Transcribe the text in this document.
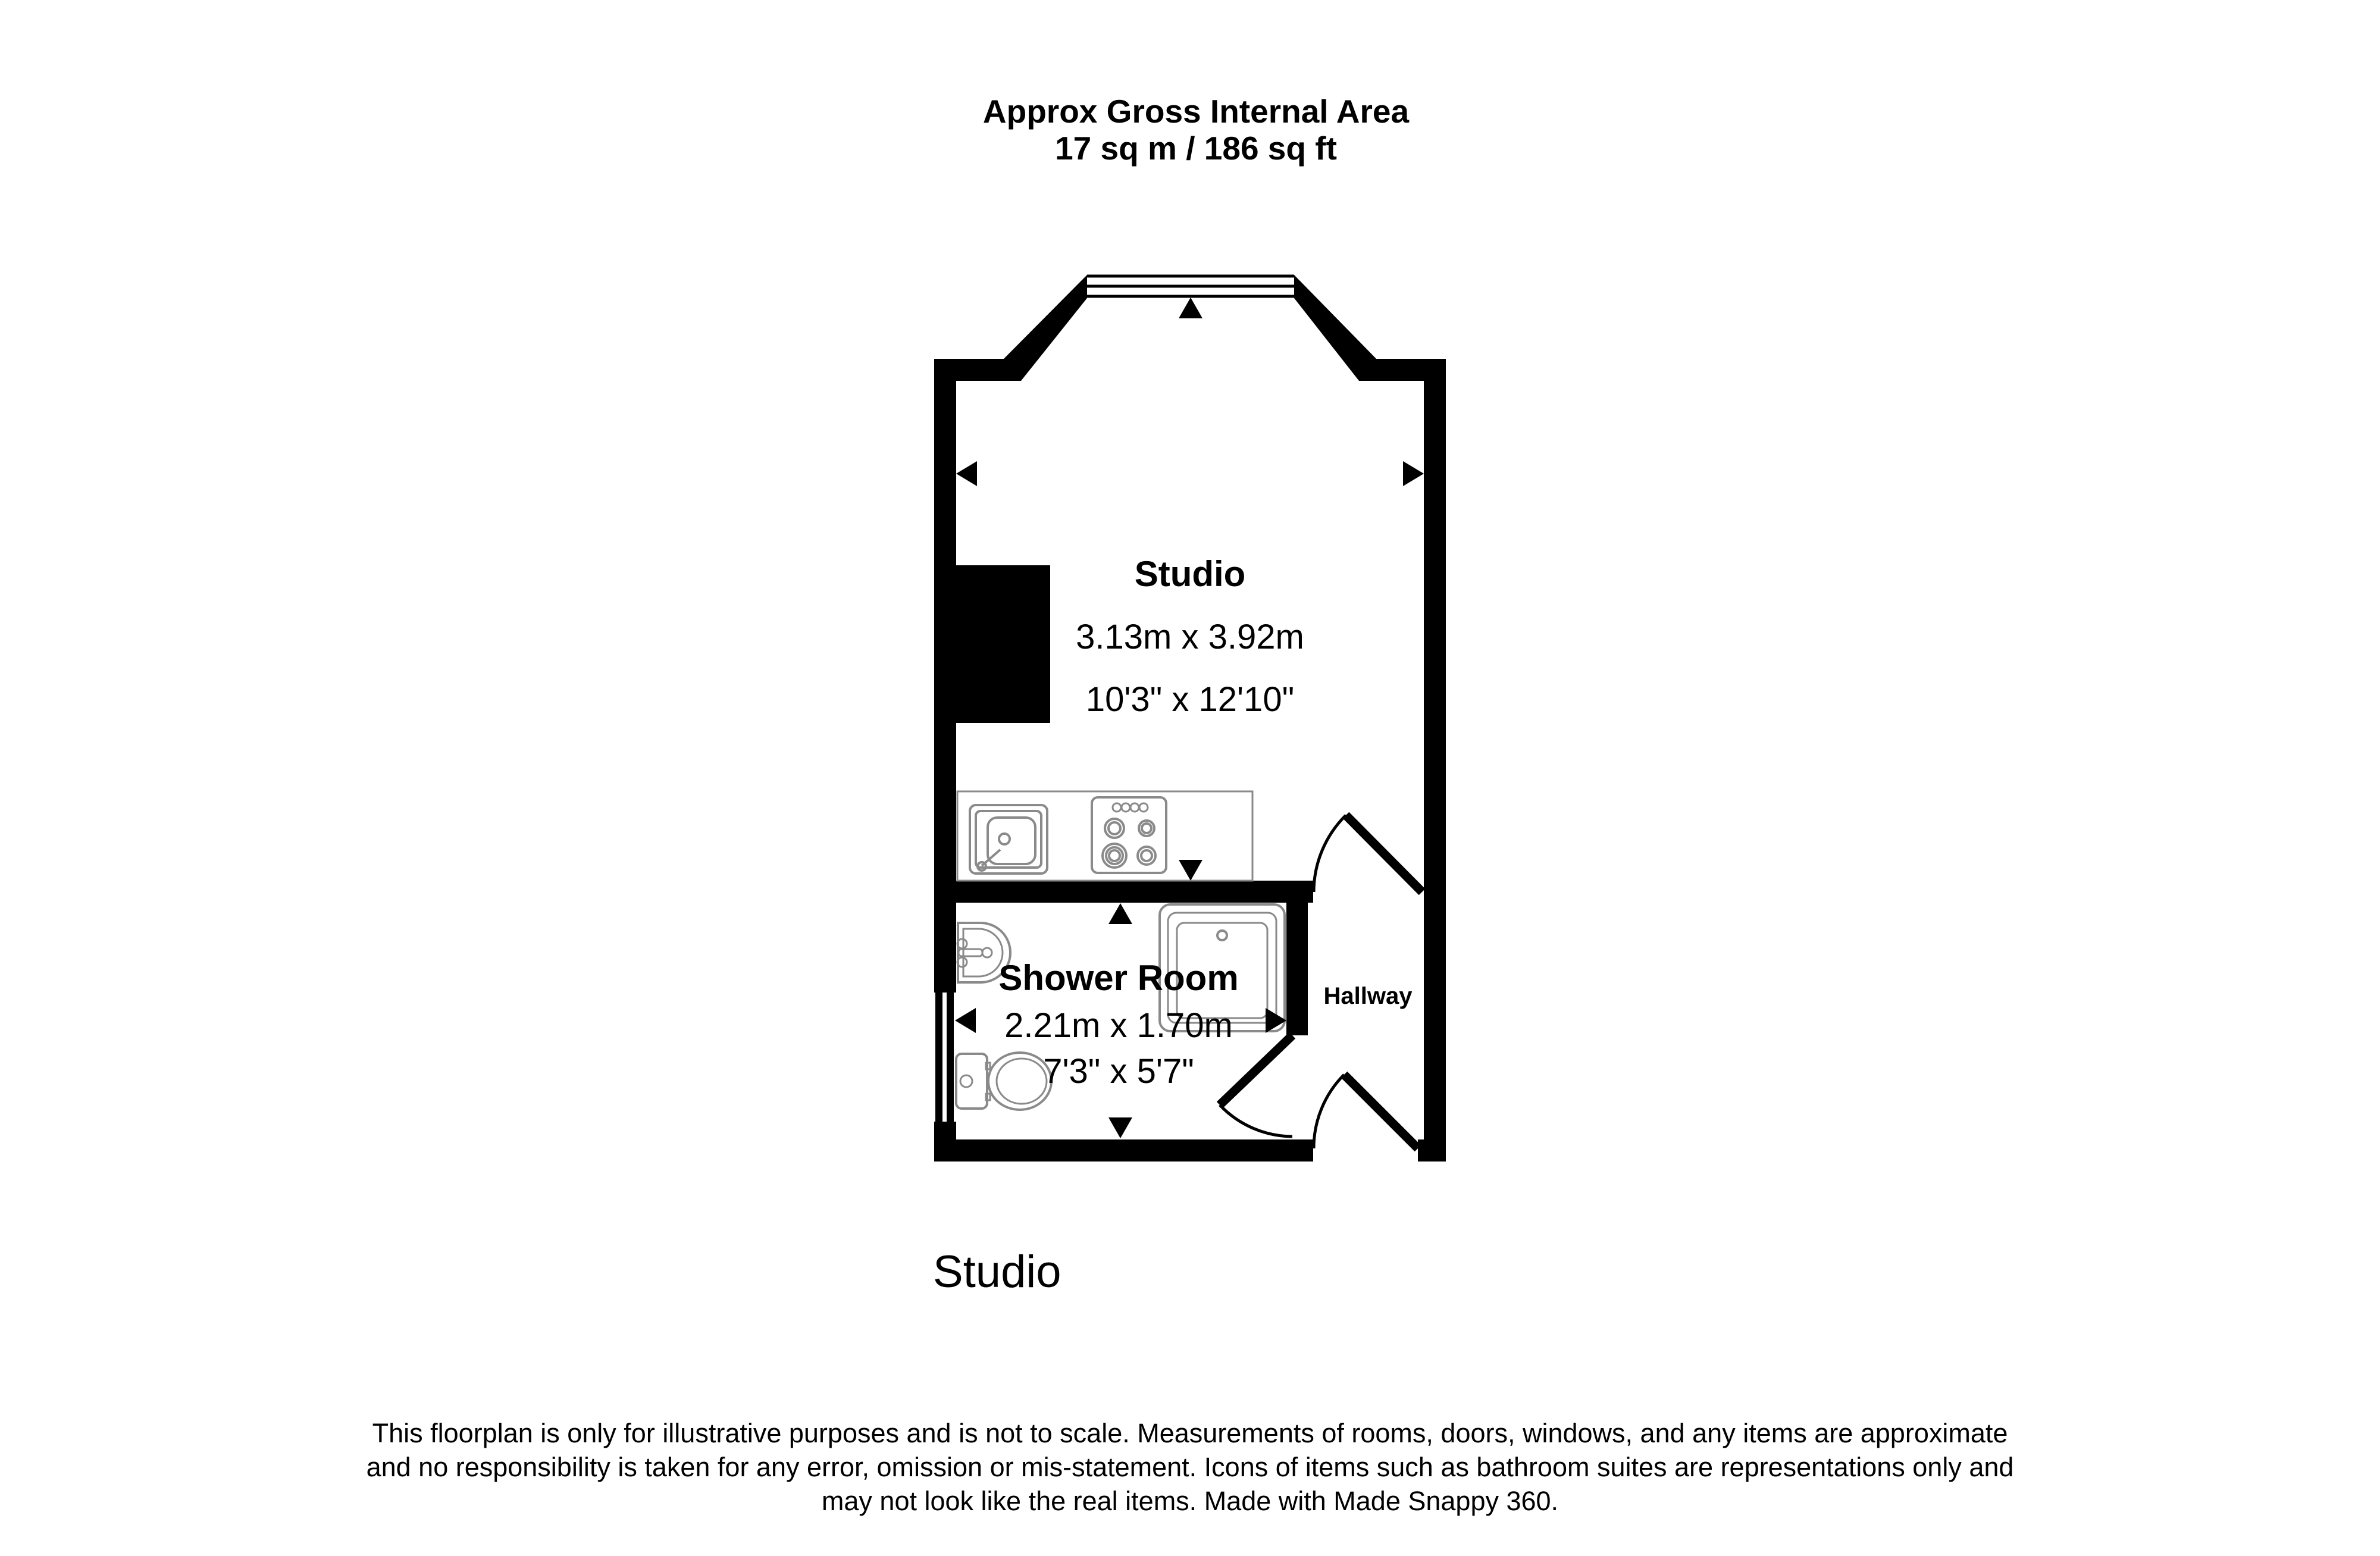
Approx Gross Internal Area
17 sq m / 186 sq ft
Studio
3.13m x 3.92m
10'3" x 12'10"
Shower Room
2.21m x 1.70m
7'3" x 5'7"
Hallway
Studio
This floorplan is only for illustrative purposes and is not to scale. Measurements of rooms, doors, windows, and any items are approximate
and no responsibility is taken for any error, omission or mis-statement. Icons of items such as bathroom suites are representations only and
may not look like the real items. Made with Made Snappy 360.
